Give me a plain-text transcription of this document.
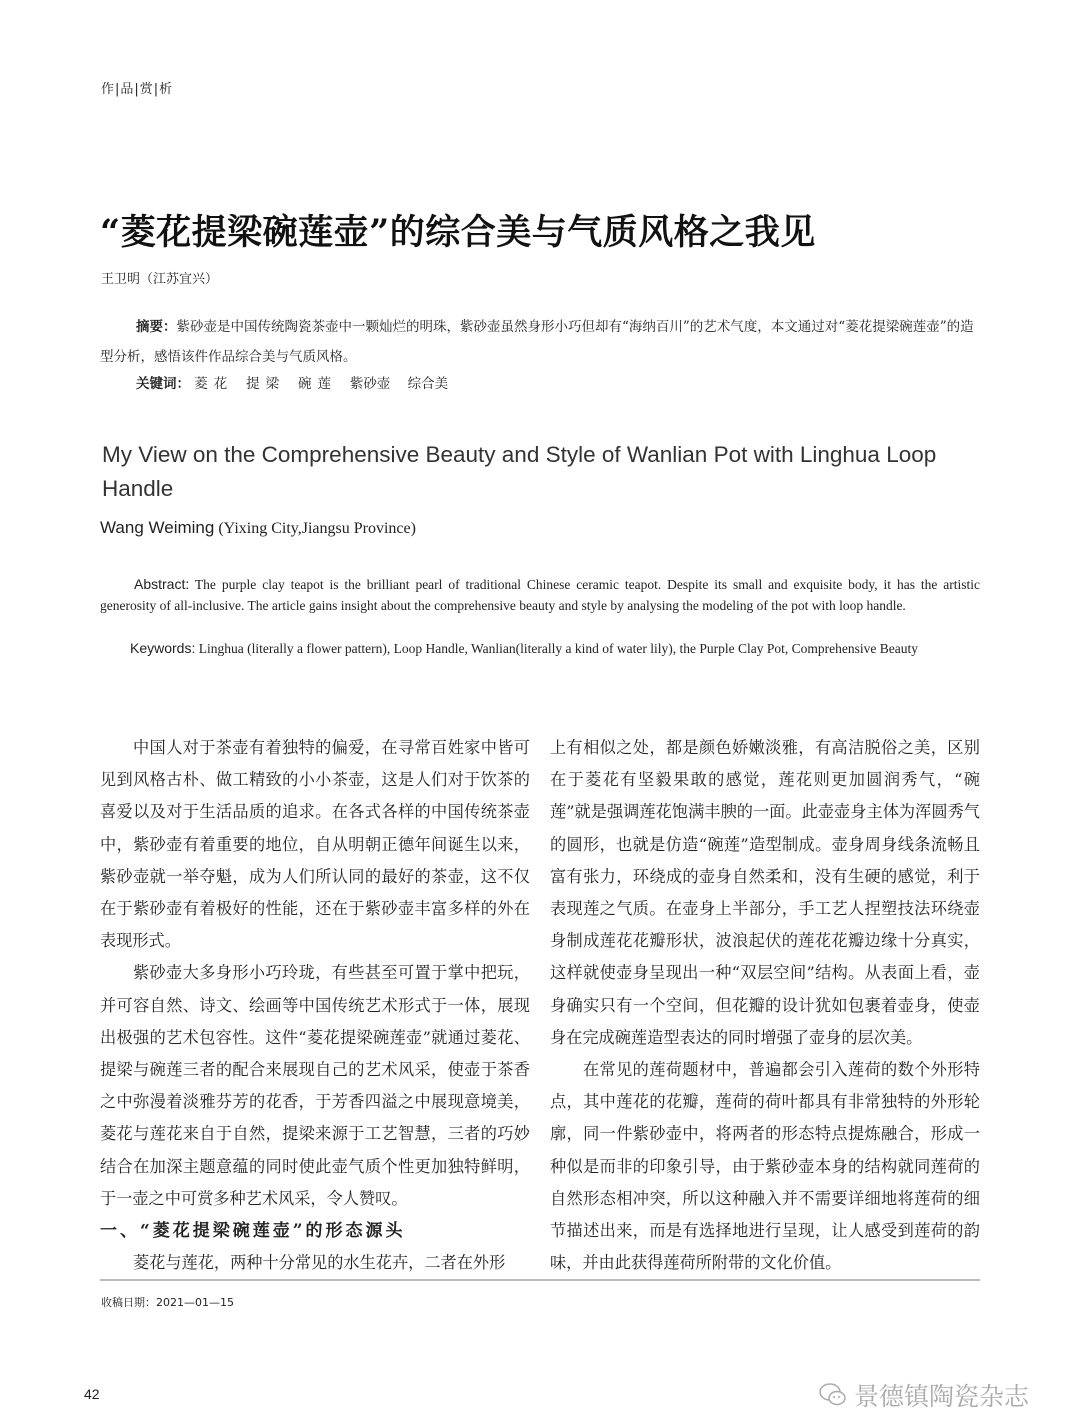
作|品|赏|析
“菱花提梁碗莲壶”的综合美与气质风格之我见
王卫明（江苏宜兴）
摘要：紫砂壶是中国传统陶瓷茶壶中一颗灿烂的明珠，紫砂壶虽然身形小巧但却有“海纳百川”的艺术气度，本文通过对“菱花提梁碗莲壶”的造型分析，感悟该件作品综合美与气质风格。
关键词： 菱花 提梁 碗莲 紫砂壶 综合美
My View on the Comprehensive Beauty and Style of Wanlian Pot with Linghua Loop Handle
Wang Weiming (Yixing City,Jiangsu Province)
Abstract: The purple clay teapot is the brilliant pearl of traditional Chinese ceramic teapot. Despite its small and exquisite body, it has the artistic generosity of all-inclusive. The article gains insight about the comprehensive beauty and style by analysing the modeling of the pot with loop handle.
Keywords: Linghua (literally a flower pattern), Loop Handle, Wanlian(literally a kind of water lily), the Purple Clay Pot, Comprehensive Beauty

中国人对于茶壶有着独特的偏爱，在寻常百姓家中皆可见到风格古朴、做工精致的小小茶壶，这是人们对于饮茶的喜爱以及对于生活品质的追求。在各式各样的中国传统茶壶中，紫砂壶有着重要的地位，自从明朝正德年间诞生以来，紫砂壶就一举夺魁，成为人们所认同的最好的茶壶，这不仅在于紫砂壶有着极好的性能，还在于紫砂壶丰富多样的外在表现形式。

紫砂壶大多身形小巧玲珑，有些甚至可置于掌中把玩，并可容自然、诗文、绘画等中国传统艺术形式于一体，展现出极强的艺术包容性。这件“菱花提梁碗莲壶”就通过菱花、提梁与碗莲三者的配合来展现自己的艺术风采，使壶于茶香之中弥漫着淡雅芬芳的花香，于芳香四溢之中展现意境美，菱花与莲花来自于自然，提梁来源于工艺智慧，三者的巧妙结合在加深主题意蕴的同时使此壶气质个性更加独特鲜明，于一壶之中可赏多种艺术风采，令人赞叹。

一、“菱花提梁碗莲壶”的形态源头

菱花与莲花，两种十分常见的水生花卉，二者在外形

上有相似之处，都是颜色娇嫩淡雅，有高洁脱俗之美，区别在于菱花有坚毅果敢的感觉，莲花则更加圆润秀气，“碗莲”就是强调莲花饱满丰腴的一面。此壶壶身主体为浑圆秀气的圆形，也就是仿造“碗莲”造型制成。壶身周身线条流畅且富有张力，环绕成的壶身自然柔和，没有生硬的感觉，利于表现莲之气质。在壶身上半部分，手工艺人捏塑技法环绕壶身制成莲花花瓣形状，波浪起伏的莲花花瓣边缘十分真实，这样就使壶身呈现出一种“双层空间”结构。从表面上看，壶身确实只有一个空间，但花瓣的设计犹如包裹着壶身，使壶身在完成碗莲造型表达的同时增强了壶身的层次美。

在常见的莲荷题材中，普遍都会引入莲荷的数个外形特点，其中莲花的花瓣，莲荷的荷叶都具有非常独特的外形轮廓，同一件紫砂壶中，将两者的形态特点提炼融合，形成一种似是而非的印象引导，由于紫砂壶本身的结构就同莲荷的自然形态相冲突，所以这种融入并不需要详细地将莲荷的细节描述出来，而是有选择地进行呈现，让人感受到莲荷的韵味，并由此获得莲荷所附带的文化价值。

收稿日期：2021—01—15
42	景德镇陶瓷杂志
